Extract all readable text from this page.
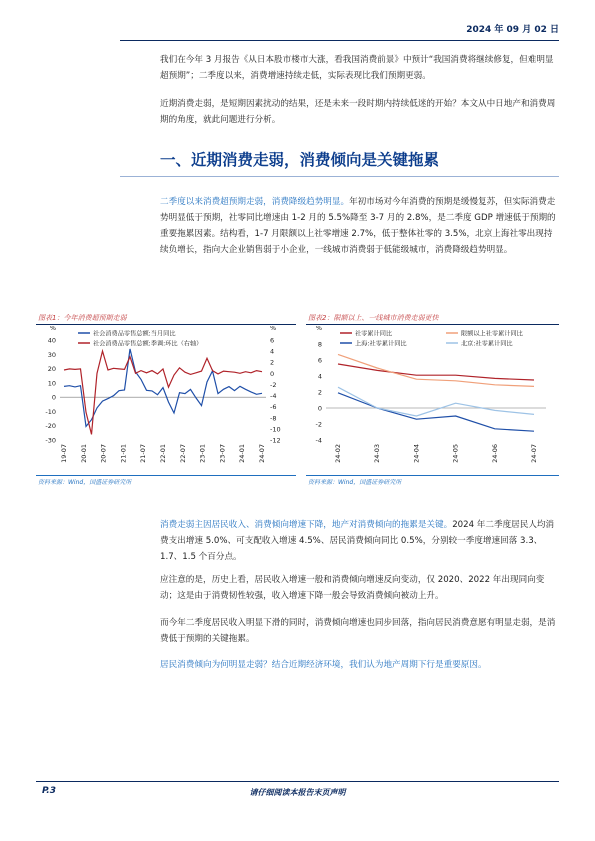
2024 年 09 月 02 日

我们在今年 3 月报告《从日本股市楼市大涨，看我国消费前景》中预计“我国消费将继续修复，但难明显超预期”；二季度以来，消费增速持续走低，实际表现比我们预期更弱。

近期消费走弱，是短期因素扰动的结果，还是未来一段时期内持续低迷的开始？本文从中日地产和消费周期的角度，就此问题进行分析。

一、近期消费走弱，消费倾向是关键拖累

二季度以来消费超预期走弱，消费降级趋势明显。年初市场对今年消费的预期是缓慢复苏，但实际消费走势明显低于预期，社零同比增速由 1-2 月的 5.5%降至 3-7 月的 2.8%，是二季度 GDP 增速低于预期的重要拖累因素。结构看，1-7 月限额以上社零增速 2.7%，低于整体社零的 3.5%，北京上海社零出现持续负增长，指向大企业销售弱于小企业，一线城市消费弱于低能级城市，消费降级趋势明显。

图表1：今年消费超预期走弱
%	%
40
30
20
10
0
-10
-20
-30
6
4
2
0
-2
-4
-6
-8
-10
-12
19-07 20-01 20-07 21-01 21-07 22-01 22-07 23-01 23-07 24-01 24-07
社会消费品零售总额:当月同比
社会消费品零售总额:季调:环比（右轴）
资料来源：Wind，国盛证券研究所
图表2：限额以上、一线城市消费走弱更快
%
8
6
4
2
0
-2
-4
24-02	24-03	24-04	24-05	24-06	24-07
社零累计同比	限额以上社零累计同比
上海:社零累计同比	北京:社零累计同比
资料来源：Wind，国盛证券研究所

消费走弱主因居民收入、消费倾向增速下降，地产对消费倾向的拖累是关键。2024 年二季度居民人均消费支出增速 5.0%、可支配收入增速 4.5%、居民消费倾向同比 0.5%，分别较一季度增速回落 3.3、1.7、1.5 个百分点。

应注意的是，历史上看，居民收入增速一般和消费倾向增速反向变动，仅 2020、2022 年出现同向变动；这是由于消费韧性较强，收入增速下降一般会导致消费倾向被动上升。

而今年二季度居民收入明显下滑的同时，消费倾向增速也同步回落，指向居民消费意愿有明显走弱，是消费低于预期的关键拖累。

居民消费倾向为何明显走弱？结合近期经济环境，我们认为地产周期下行是重要原因。

P.3	请仔细阅读本报告末页声明
